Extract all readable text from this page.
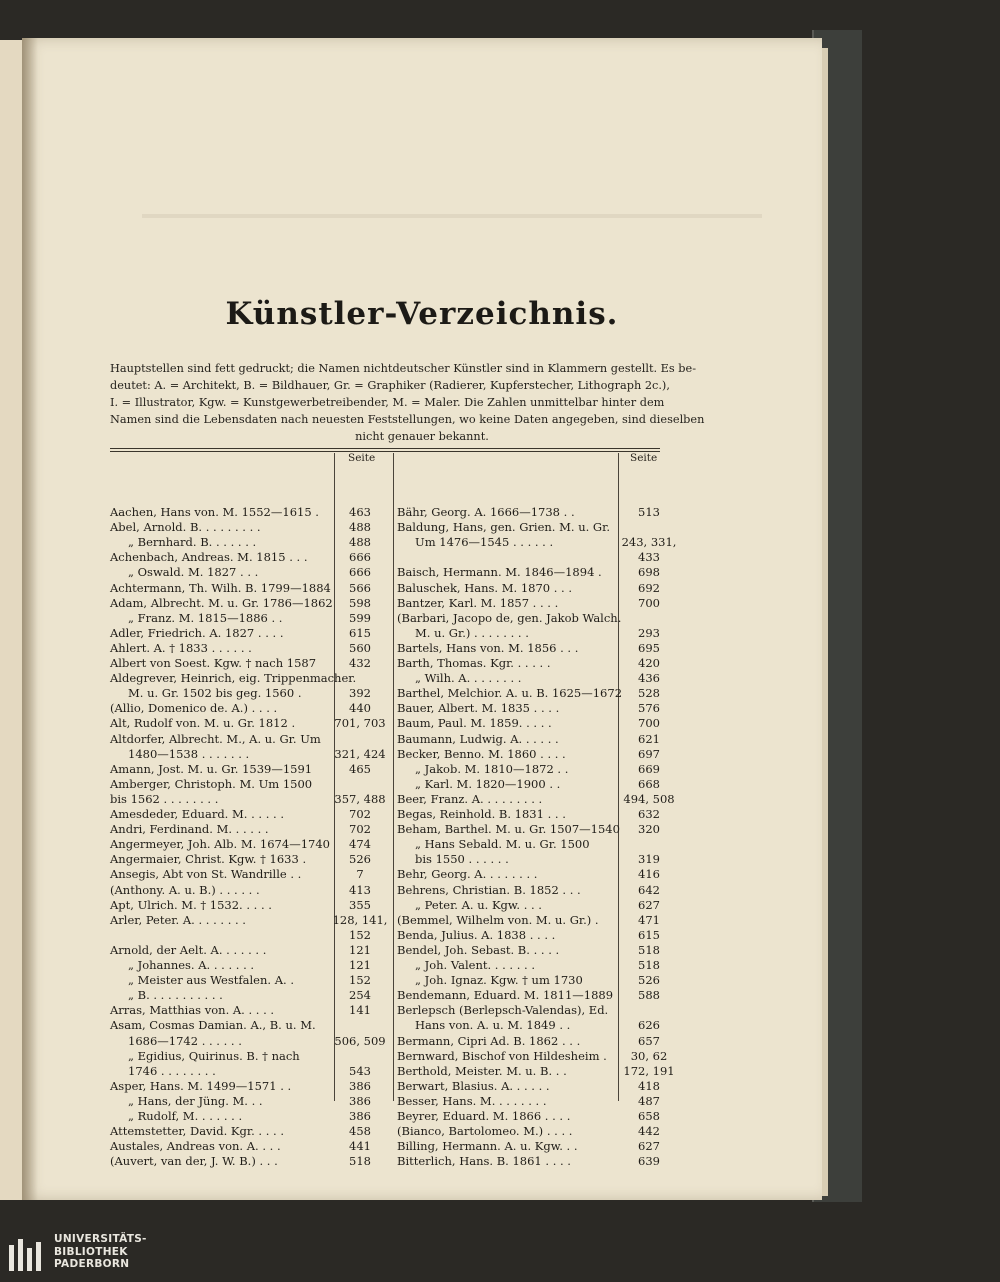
Künstler-Verzeichnis.
Hauptstellen sind fett gedruckt; die Namen nichtdeutscher Künstler sind in Klammern gestellt. Es be-
deutet: A. = Architekt, B. = Bildhauer, Gr. = Graphiker (Radierer, Kupferstecher, Lithograph 2c.),
I. = Illustrator, Kgw. = Kunstgewerbetreibender, M. = Maler. Die Zahlen unmittelbar hinter dem
Namen sind die Lebensdaten nach neuesten Feststellungen, wo keine Daten angegeben, sind dieselben
nicht genauer bekannt.
Seite	Seite
Aachen, Hans von. M. 1552—1615 .	463
Abel, Arnold. B. . . . . . . . .	488
„ Bernhard. B. . . . . . .	488
Achenbach, Andreas. M. 1815 . . .	666
„ Oswald. M. 1827 . . .	666
Achtermann, Th. Wilh. B. 1799—1884	566
Adam, Albrecht. M. u. Gr. 1786—1862	598
„ Franz. M. 1815—1886 . .	599
Adler, Friedrich. A. 1827 . . . .	615
Ahlert. A. † 1833 . . . . . .	560
Albert von Soest. Kgw. † nach 1587	432
Aldegrever, Heinrich, eig. Trippenmacher.
M. u. Gr. 1502 bis geg. 1560 .	392
(Allio, Domenico de. A.) . . . .	440
Alt, Rudolf von. M. u. Gr. 1812 .	701, 703
Altdorfer, Albrecht. M., A. u. Gr. Um
1480—1538 . . . . . . .	321, 424
Amann, Jost. M. u. Gr. 1539—1591	465
Amberger, Christoph. M. Um 1500
bis 1562 . . . . . . . .	357, 488
Amesdeder, Eduard. M. . . . . .	702
Andri, Ferdinand. M. . . . . .	702
Angermeyer, Joh. Alb. M. 1674—1740	474
Angermaier, Christ. Kgw. † 1633 .	526
Ansegis, Abt von St. Wandrille . .	7
(Anthony. A. u. B.) . . . . . .	413
Apt, Ulrich. M. † 1532. . . . .	355
Arler, Peter. A. . . . . . . .	128, 141,
152
Arnold, der Aelt. A. . . . . . .	121
„ Johannes. A. . . . . . .	121
„ Meister aus Westfalen. A. .	152
„ B. . . . . . . . . . .	254
Arras, Matthias von. A. . . . .	141
Asam, Cosmas Damian. A., B. u. M.
1686—1742 . . . . . .	506, 509
„ Egidius, Quirinus. B. † nach
1746 . . . . . . . .	543
Asper, Hans. M. 1499—1571 . .	386
„ Hans, der Jüng. M. . .	386
„ Rudolf, M. . . . . . .	386
Attemstetter, David. Kgr. . . . .	458
Austales, Andreas von. A. . . .	441
(Auvert, van der, J. W. B.) . . .	518
Bähr, Georg. A. 1666—1738 . .	513
Baldung, Hans, gen. Grien. M. u. Gr.
Um 1476—1545 . . . . . .	243, 331,
433
Baisch, Hermann. M. 1846—1894 .	698
Baluschek, Hans. M. 1870 . . .	692
Bantzer, Karl. M. 1857 . . . .	700
(Barbari, Jacopo de, gen. Jakob Walch.
M. u. Gr.) . . . . . . . .	293
Bartels, Hans von. M. 1856 . . .	695
Barth, Thomas. Kgr. . . . . .	420
„ Wilh. A. . . . . . . .	436
Barthel, Melchior. A. u. B. 1625—1672	528
Bauer, Albert. M. 1835 . . . .	576
Baum, Paul. M. 1859. . . . .	700
Baumann, Ludwig. A. . . . . .	621
Becker, Benno. M. 1860 . . . .	697
„ Jakob. M. 1810—1872 . .	669
„ Karl. M. 1820—1900 . .	668
Beer, Franz. A. . . . . . . . .	494, 508
Begas, Reinhold. B. 1831 . . .	632
Beham, Barthel. M. u. Gr. 1507—1540	320
„ Hans Sebald. M. u. Gr. 1500
bis 1550 . . . . . .	319
Behr, Georg. A. . . . . . . .	416
Behrens, Christian. B. 1852 . . .	642
„ Peter. A. u. Kgw. . . .	627
(Bemmel, Wilhelm von. M. u. Gr.) .	471
Benda, Julius. A. 1838 . . . .	615
Bendel, Joh. Sebast. B. . . . .	518
„ Joh. Valent. . . . . . .	518
„ Joh. Ignaz. Kgw. † um 1730	526
Bendemann, Eduard. M. 1811—1889	588
Berlepsch (Berlepsch-Valendas), Ed.
Hans von. A. u. M. 1849 . .	626
Bermann, Cipri Ad. B. 1862 . . .	657
Bernward, Bischof von Hildesheim .	30, 62
Berthold, Meister. M. u. B. . .	172, 191
Berwart, Blasius. A. . . . . .	418
Besser, Hans. M. . . . . . . .	487
Beyrer, Eduard. M. 1866 . . . .	658
(Bianco, Bartolomeo. M.) . . . .	442
Billing, Hermann. A. u. Kgw. . .	627
Bitterlich, Hans. B. 1861 . . . .	639
UNIVERSITÄTS-
BIBLIOTHEK
PADERBORN
